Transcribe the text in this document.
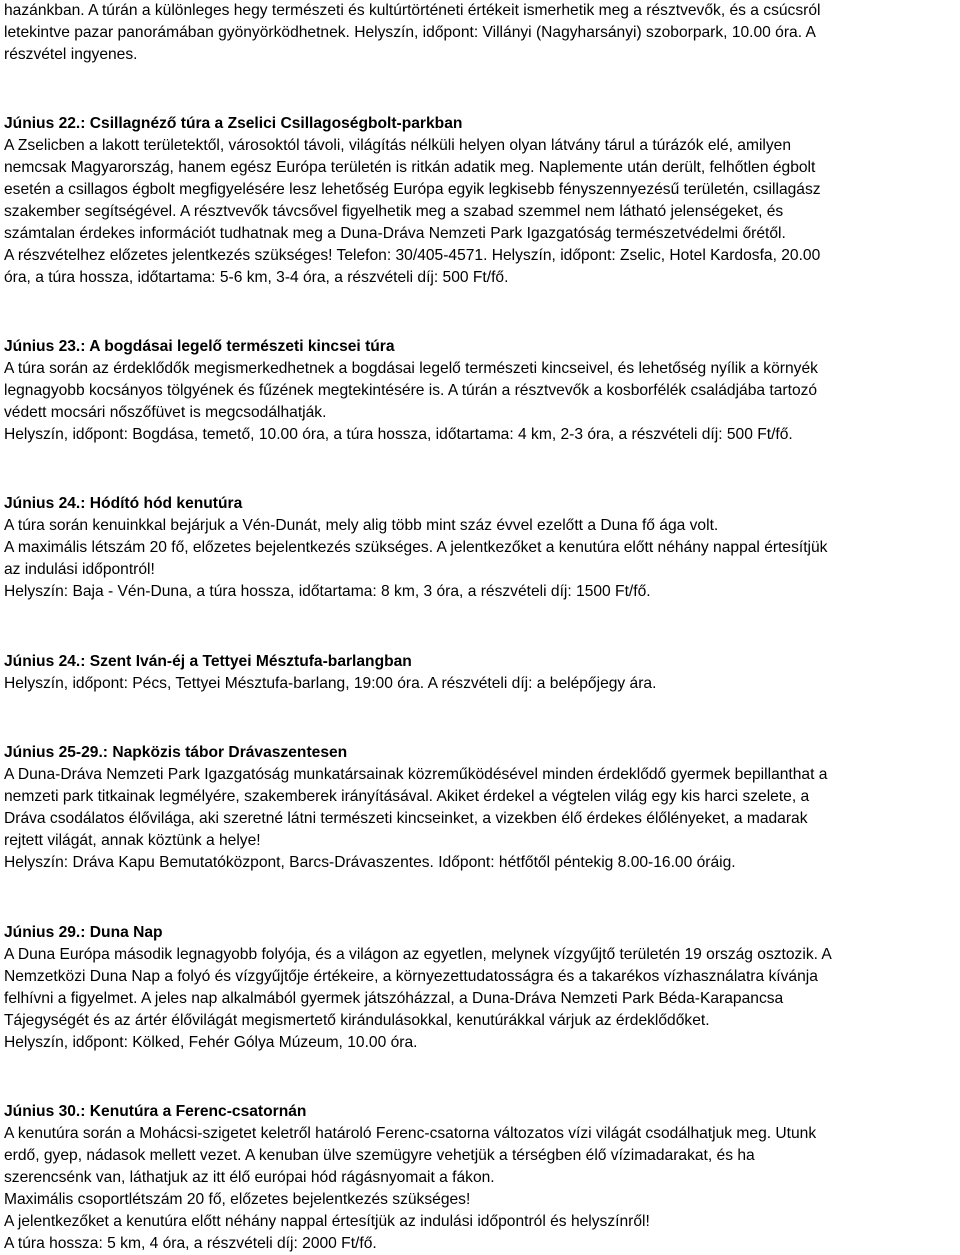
hazánkban. A túrán a különleges hegy természeti és kultúrtörténeti értékeit ismerhetik meg a résztvevők, és a csúcsról
letekintve pazar panorámában gyönyörködhetnek. Helyszín, időpont: Villányi (Nagyharsányi) szoborpark, 10.00 óra. A
részvétel ingyenes.
Június 22.: Csillagnéző túra a Zselici Csillagoségbolt-parkban
A Zselicben a lakott területektől, városoktól távoli, világítás nélküli helyen olyan látvány tárul a túrázók elé, amilyen
nemcsak Magyarország, hanem egész Európa területén is ritkán adatik meg. Naplemente után derült, felhőtlen égbolt
esetén a csillagos égbolt megfigyelésére lesz lehetőség Európa egyik legkisebb fényszennyezésű területén, csillagász
szakember segítségével. A résztvevők távcsővel figyelhetik meg a szabad szemmel nem látható jelenségeket, és
számtalan érdekes információt tudhatnak meg a Duna-Dráva Nemzeti Park Igazgatóság természetvédelmi őrétől.
A részvételhez előzetes jelentkezés szükséges! Telefon: 30/405-4571. Helyszín, időpont: Zselic, Hotel Kardosfa, 20.00
óra, a túra hossza, időtartama: 5-6 km, 3-4 óra, a részvételi díj: 500 Ft/fő.
Június 23.: A bogdásai legelő természeti kincsei túra
A túra során az érdeklődők megismerkedhetnek a bogdásai legelő természeti kincseivel, és lehetőség nyílik a környék
legnagyobb kocsányos tölgyének és fűzének megtekintésére is. A túrán a résztvevők a kosborfélék családjába tartozó
védett mocsári nőszőfüvet is megcsodálhatják.
Helyszín, időpont: Bogdása, temető, 10.00 óra, a túra hossza, időtartama: 4 km, 2-3 óra, a részvételi díj: 500 Ft/fő.
Június 24.: Hódító hód kenutúra
A túra során kenuinkkal bejárjuk a Vén-Dunát, mely alig több mint száz évvel ezelőtt a Duna fő ága volt.
A maximális létszám 20 fő, előzetes bejelentkezés szükséges. A jelentkezőket a kenutúra előtt néhány nappal értesítjük
az indulási időpontról!
Helyszín: Baja - Vén-Duna, a túra hossza, időtartama: 8 km, 3 óra, a részvételi díj: 1500 Ft/fő.
Június 24.: Szent Iván-éj a Tettyei Mésztufa-barlangban
Helyszín, időpont: Pécs, Tettyei Mésztufa-barlang, 19:00 óra. A részvételi díj: a belépőjegy ára.
Június 25-29.: Napközis tábor Drávaszentesen
A Duna-Dráva Nemzeti Park Igazgatóság munkatársainak közreműködésével minden érdeklődő gyermek bepillanthat a
nemzeti park titkainak legmélyére, szakemberek irányításával. Akiket érdekel a végtelen világ egy kis harci szelete, a
Dráva csodálatos élővilága, aki szeretné látni természeti kincseinket, a vizekben élő érdekes élőlényeket, a madarak
rejtett világát, annak köztünk a helye!
Helyszín: Dráva Kapu Bemutatóközpont, Barcs-Drávaszentes. Időpont: hétfőtől péntekig 8.00-16.00 óráig.
Június 29.: Duna Nap
A Duna Európa második legnagyobb folyója, és a világon az egyetlen, melynek vízgyűjtő területén 19 ország osztozik. A
Nemzetközi Duna Nap a folyó és vízgyűjtője értékeire, a környezettudatosságra és a takarékos vízhasználatra kívánja
felhívni a figyelmet. A jeles nap alkalmából gyermek játszóházzal, a Duna-Dráva Nemzeti Park Béda-Karapancsa
Tájegységét és az ártér élővilágát megismertető kirándulásokkal, kenutúrákkal várjuk az érdeklődőket.
Helyszín, időpont: Kölked, Fehér Gólya Múzeum, 10.00 óra.
Június 30.: Kenutúra a Ferenc-csatornán
A kenutúra során a Mohácsi-szigetet keletről határoló Ferenc-csatorna változatos vízi világát csodálhatjuk meg. Utunk
erdő, gyep, nádasok mellett vezet. A kenuban ülve szemügyre vehetjük a térségben élő vízimadarakat, és ha
szerencsénk van, láthatjuk az itt élő európai hód rágásnyomait a fákon.
Maximális csoportlétszám 20 fő, előzetes bejelentkezés szükséges!
A jelentkezőket a kenutúra előtt néhány nappal értesítjük az indulási időpontról és helyszínről!
A túra hossza: 5 km, 4 óra, a részvételi díj: 2000 Ft/fő.
